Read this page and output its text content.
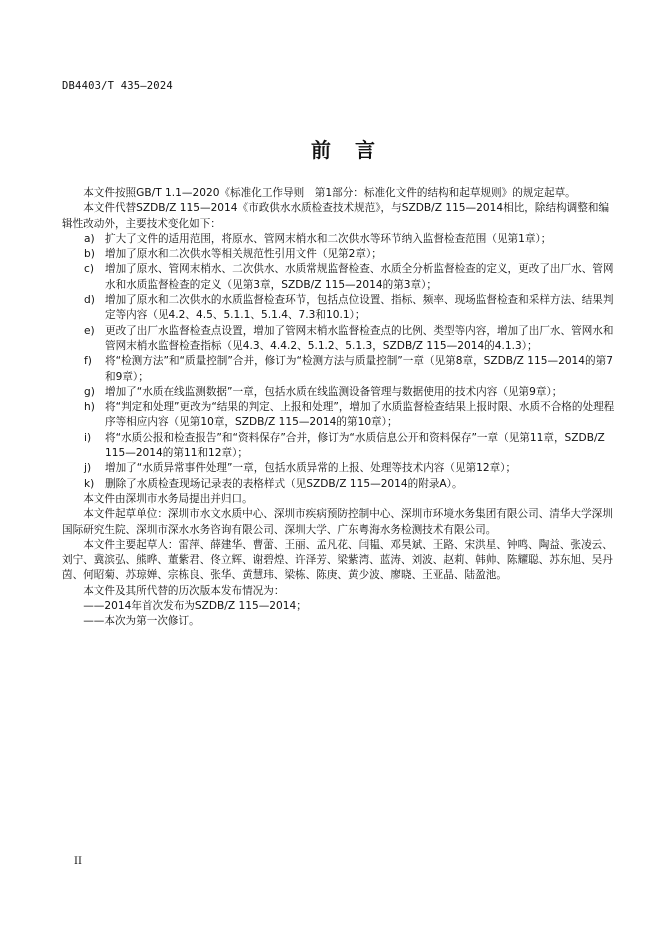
DB4403/T 435—2024
前言

本文件按照GB/T 1.1—2020《标准化工作导则　第1部分：标准化文件的结构和起草规则》的规定起草。

本文件代替SZDB/Z 115—2014《市政供水水质检查技术规范》，与SZDB/Z 115—2014相比，除结构调整和编辑性改动外，主要技术变化如下：

a) 扩大了文件的适用范围，将原水、管网末梢水和二次供水等环节纳入监督检查范围（见第1章）；

b) 增加了原水和二次供水等相关规范性引用文件（见第2章）；

c) 增加了原水、管网末梢水、二次供水、水质常规监督检查、水质全分析监督检查的定义，更改了出厂水、管网水和水质监督检查的定义（见第3章，SZDB/Z 115—2014的第3章）；

d) 增加了原水和二次供水的水质监督检查环节，包括点位设置、指标、频率、现场监督检查和采样方法、结果判定等内容（见4.2、4.5、5.1.1、5.1.4、7.3和10.1）；

e) 更改了出厂水监督检查点设置，增加了管网末梢水监督检查点的比例、类型等内容，增加了出厂水、管网水和管网末梢水监督检查指标（见4.3、4.4.2、5.1.2、5.1.3，SZDB/Z 115—2014的4.1.3）；

f) 将“检测方法”和“质量控制”合并，修订为“检测方法与质量控制”一章（见第8章，SZDB/Z 115—2014的第7和9章）；

g) 增加了“水质在线监测数据”一章，包括水质在线监测设备管理与数据使用的技术内容（见第9章）；

h) 将“判定和处理”更改为“结果的判定、上报和处理”，增加了水质监督检查结果上报时限、水质不合格的处理程序等相应内容（见第10章，SZDB/Z 115—2014的第10章）；

i) 将“水质公报和检查报告”和“资料保存”合并，修订为“水质信息公开和资料保存”一章（见第11章，SZDB/Z 115—2014的第11和12章）；

j) 增加了“水质异常事件处理”一章，包括水质异常的上报、处理等技术内容（见第12章）；

k) 删除了水质检查现场记录表的表格样式（见SZDB/Z 115—2014的附录A）。

本文件由深圳市水务局提出并归口。

本文件起草单位：深圳市水文水质中心、深圳市疾病预防控制中心、深圳市环境水务集团有限公司、清华大学深圳国际研究生院、深圳市深水水务咨询有限公司、深圳大学、广东粤海水务检测技术有限公司。

本文件主要起草人：雷萍、薛建华、曹蕾、王丽、孟凡花、闫韫、邓昊斌、王路、宋洪星、钟鸣、陶益、张凌云、刘宁、冀滨弘、熊晔、董紫君、佟立辉、谢碧煌、许泽芳、梁紫湾、蓝涛、刘波、赵莉、韩帅、陈耀聪、苏东旭、吴丹茵、何昭菊、苏琼婵、宗栋良、张华、黄慧玮、梁栋、陈庚、黄少波、廖晓、王亚晶、陆盈池。

本文件及其所代替的历次版本发布情况为：

——2014年首次发布为SZDB/Z 115—2014；

——本次为第一次修订。

II
